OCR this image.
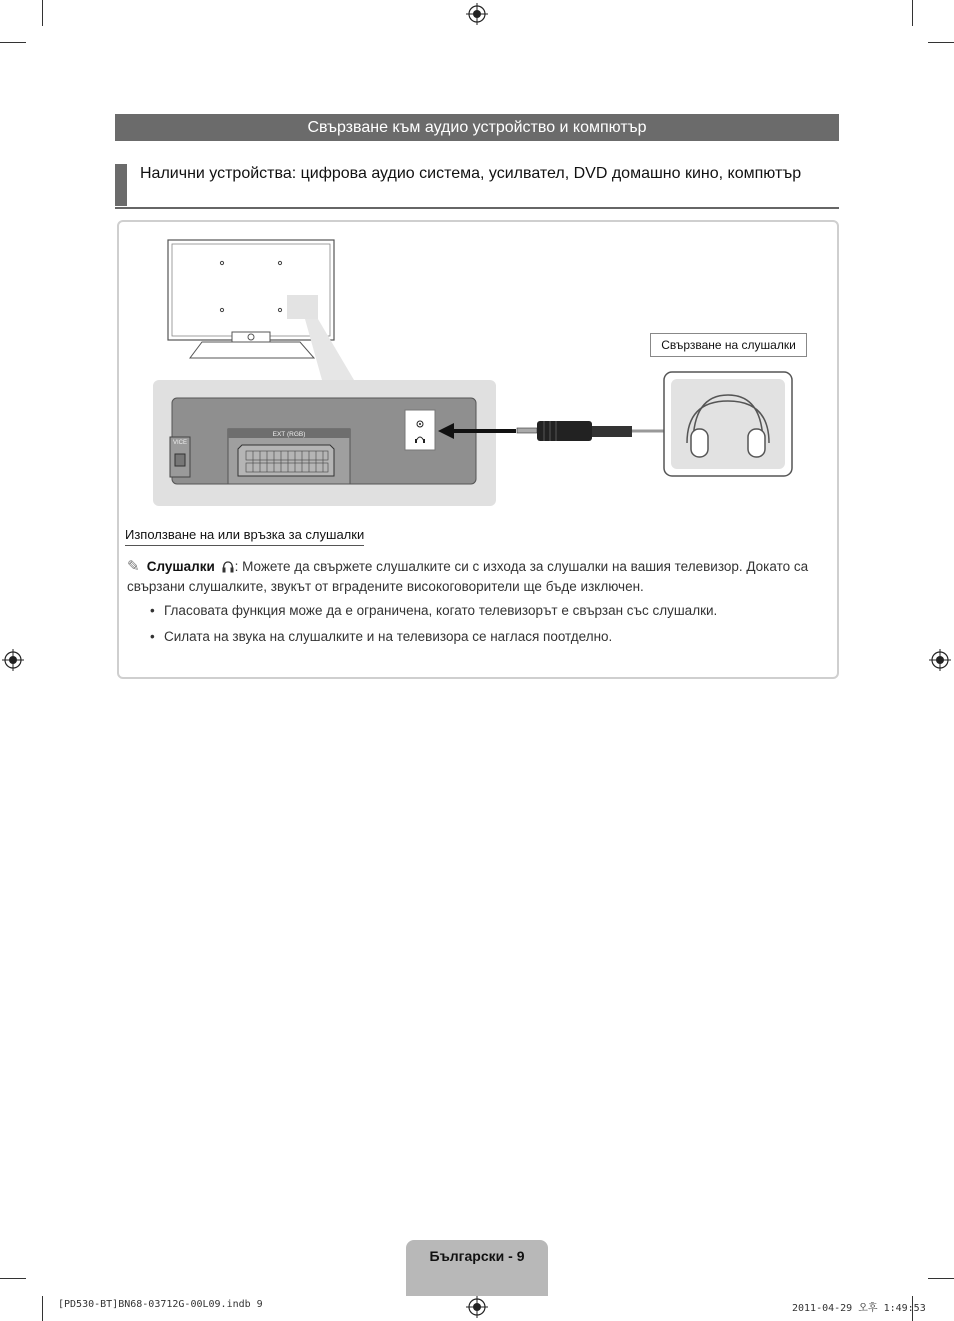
Свързване към аудио устройство и компютър
Налични устройства: цифрова аудио система, усилвател, DVD домашно кино, компютър
VICE
EXT (RGB)
Свързване на слушалки
Използване на или връзка за слушалки
✎ Слушалки : Можете да свържете слушалките си с изхода за слушалки на вашия телевизор. Докато са свързани слушалките, звукът от вградените високоговорители ще бъде изключен.
• Гласовата функция може да е ограничена, когато телевизорът е свързан със слушалки.
• Силата на звука на слушалките и на телевизора се наглася поотделно.
Български - 9
[PD530-BT]BN68-03712G-00L09.indb 9	2011-04-29 오후 1:49:53
